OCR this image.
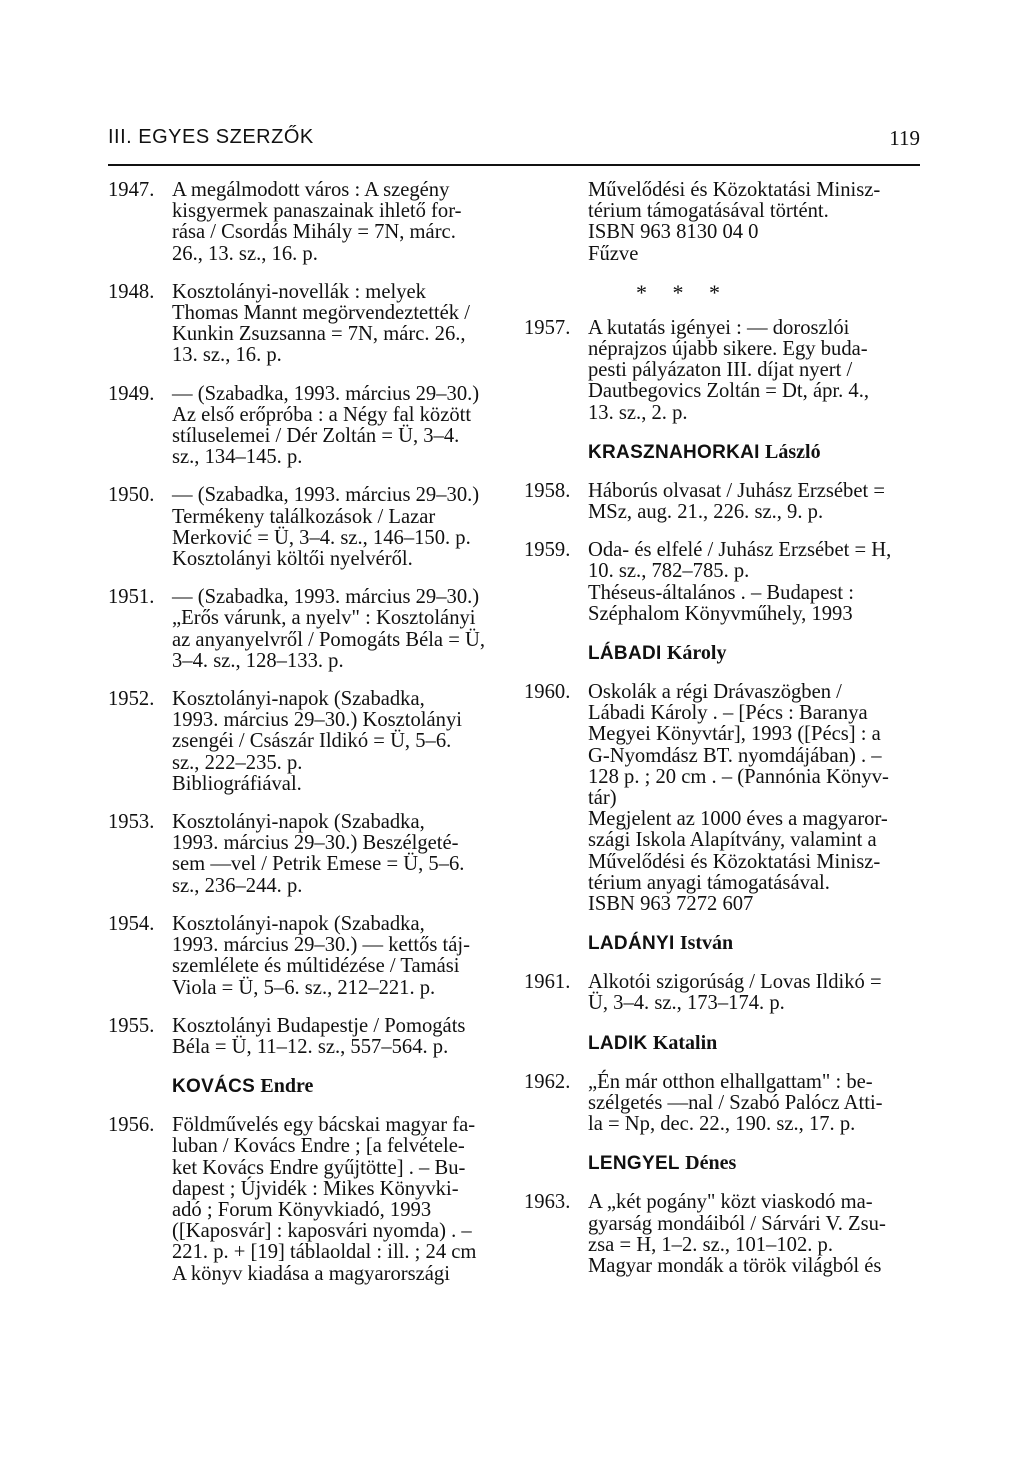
III. EGYES SZERZŐK	119
1947. A megálmodott város : A szegény
kisgyermek panaszainak ihlető for-
rása / Csordás Mihály = 7N, márc.
26., 13. sz., 16. p.
1948. Kosztolányi-novellák : melyek
Thomas Mannt megörvendeztették /
Kunkin Zsuzsanna = 7N, márc. 26.,
13. sz., 16. p.
1949. — (Szabadka, 1993. március 29–30.)
Az első erőpróba : a Négy fal között
stíluselemei / Dér Zoltán = Ü, 3–4.
sz., 134–145. p.
1950. — (Szabadka, 1993. március 29–30.)
Termékeny találkozások / Lazar
Merković = Ü, 3–4. sz., 146–150. p.
Kosztolányi költői nyelvéről.
1951. — (Szabadka, 1993. március 29–30.)
„Erős várunk, a nyelv" : Kosztolányi
az anyanyelvről / Pomogáts Béla = Ü,
3–4. sz., 128–133. p.
1952. Kosztolányi-napok (Szabadka,
1993. március 29–30.) Kosztolányi
zsengéi / Császár Ildikó = Ü, 5–6.
sz., 222–235. p.
Bibliográfiával.
1953. Kosztolányi-napok (Szabadka,
1993. március 29–30.) Beszélgeté-
sem —vel / Petrik Emese = Ü, 5–6.
sz., 236–244. p.
1954. Kosztolányi-napok (Szabadka,
1993. március 29–30.) — kettős táj-
szemlélete és múltidézése / Tamási
Viola = Ü, 5–6. sz., 212–221. p.
1955. Kosztolányi Budapestje / Pomogáts
Béla = Ü, 11–12. sz., 557–564. p.
KOVÁCS Endre
1956. Földművelés egy bácskai magyar fa-
luban / Kovács Endre ; [a felvétele-
ket Kovács Endre gyűjtötte] . – Bu-
dapest ; Újvidék : Mikes Könyvki-
adó ; Forum Könyvkiadó, 1993
([Kaposvár] : kaposvári nyomda) . –
221. p. + [19] táblaoldal : ill. ; 24 cm
A könyv kiadása a magyarországi
Művelődési és Közoktatási Minisz-
térium támogatásával történt.
ISBN 963 8130 04 0
Fűzve
* * *
1957. A kutatás igényei : — doroszlói
néprajzos újabb sikere. Egy buda-
pesti pályázaton III. díjat nyert /
Dautbegovics Zoltán = Dt, ápr. 4.,
13. sz., 2. p.
KRASZNAHORKAI László
1958. Háborús olvasat / Juhász Erzsébet =
MSz, aug. 21., 226. sz., 9. p.
1959. Oda- és elfelé / Juhász Erzsébet = H,
10. sz., 782–785. p.
Théseus-általános . – Budapest :
Széphalom Könyvműhely, 1993
LÁBADI Károly
1960. Oskolák a régi Drávaszögben /
Lábadi Károly . – [Pécs : Baranya
Megyei Könyvtár], 1993 ([Pécs] : a
G-Nyomdász BT. nyomdájában) . –
128 p. ; 20 cm . – (Pannónia Könyv-
tár)
Megjelent az 1000 éves a magyaror-
szági Iskola Alapítvány, valamint a
Művelődési és Közoktatási Minisz-
térium anyagi támogatásával.
ISBN 963 7272 607
LADÁNYI István
1961. Alkotói szigorúság / Lovas Ildikó =
Ü, 3–4. sz., 173–174. p.
LADIK Katalin
1962. „Én már otthon elhallgattam" : be-
szélgetés —nal / Szabó Palócz Atti-
la = Np, dec. 22., 190. sz., 17. p.
LENGYEL Dénes
1963. A „két pogány" közt viaskodó ma-
gyarság mondáiból / Sárvári V. Zsu-
zsa = H, 1–2. sz., 101–102. p.
Magyar mondák a török világból és
